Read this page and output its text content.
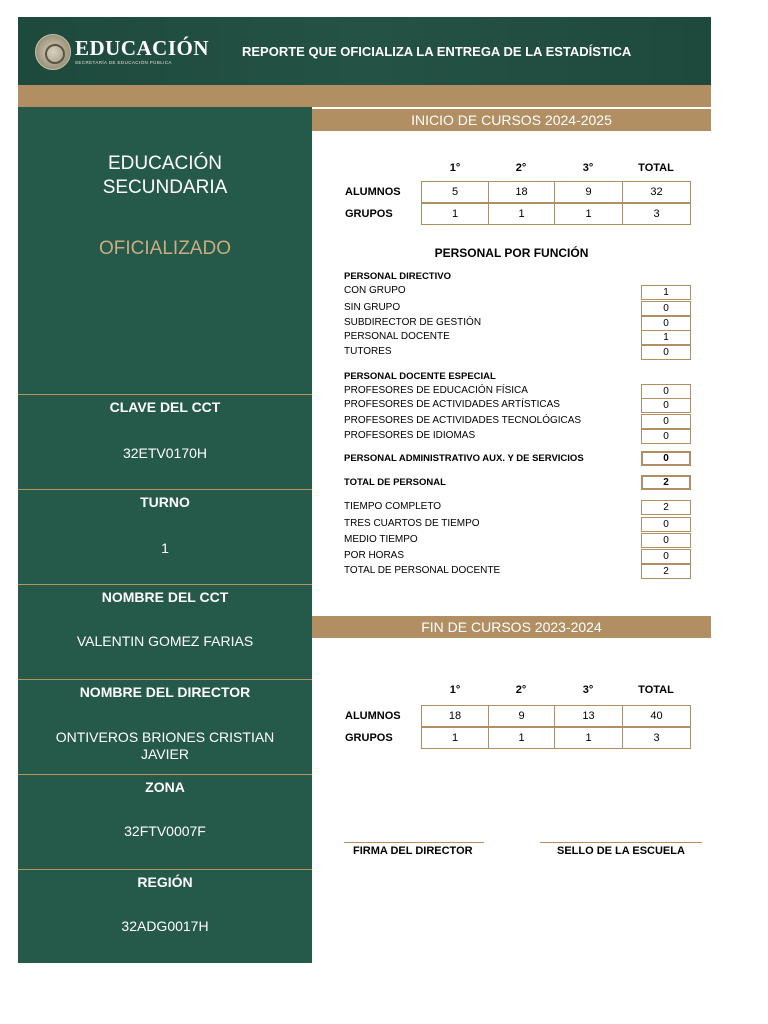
EDUCACIÓN
SECRETARÍA DE EDUCACIÓN PÚBLICA
REPORTE QUE OFICIALIZA LA ENTREGA DE LA ESTADÍSTICA
EDUCACIÓN
SECUNDARIA
OFICIALIZADO
CLAVE DEL CCT
32ETV0170H
TURNO
1
NOMBRE DEL CCT
VALENTIN GOMEZ FARIAS
NOMBRE DEL DIRECTOR
ONTIVEROS BRIONES CRISTIAN JAVIER
ZONA
32FTV0007F
REGIÓN
32ADG0017H
INICIO DE CURSOS 2024-2025
1°	2°	3°	TOTAL
ALUMNOS	5	18	9	32
GRUPOS	1	1	1	3
PERSONAL POR FUNCIÓN
PERSONAL DIRECTIVO
CON GRUPO	1
SIN GRUPO	0
SUBDIRECTOR DE GESTIÓN	0
PERSONAL DOCENTE	1
TUTORES	0
PERSONAL DOCENTE ESPECIAL
PROFESORES DE EDUCACIÓN FÍSICA	0
PROFESORES DE ACTIVIDADES ARTÍSTICAS	0
PROFESORES DE ACTIVIDADES TECNOLÓGICAS	0
PROFESORES DE IDIOMAS	0
PERSONAL ADMINISTRATIVO AUX. Y DE SERVICIOS	0
TOTAL DE PERSONAL	2
TIEMPO COMPLETO	2
TRES CUARTOS DE TIEMPO	0
MEDIO TIEMPO	0
POR HORAS	0
TOTAL DE PERSONAL DOCENTE	2
FIN DE CURSOS 2023-2024
1°	2°	3°	TOTAL
ALUMNOS	18	9	13	40
GRUPOS	1	1	1	3
FIRMA DEL DIRECTOR	SELLO DE LA ESCUELA
